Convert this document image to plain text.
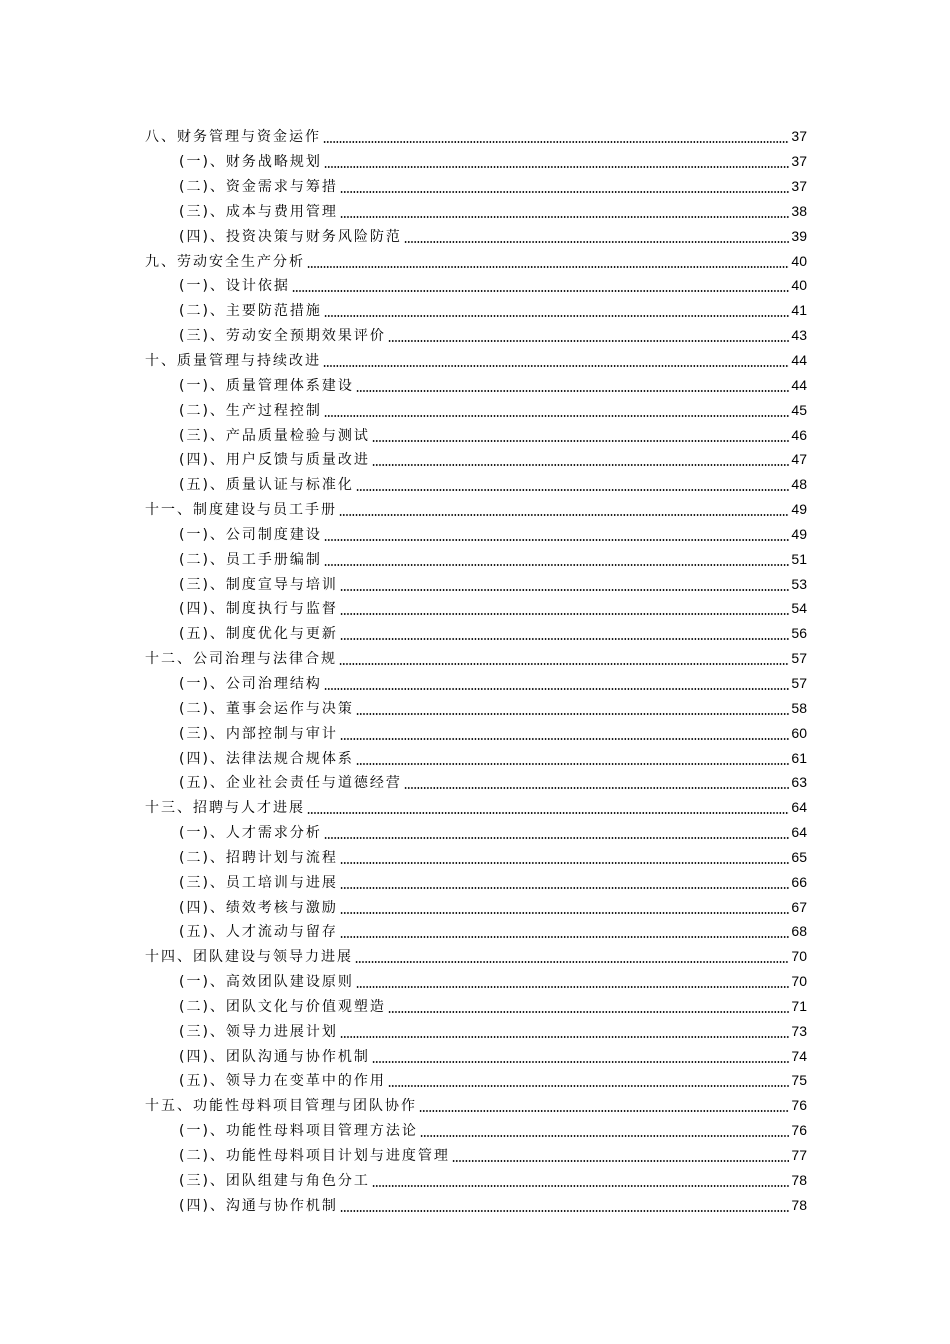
八、财务管理与资金运作	37
(一)、财务战略规划	37
(二)、资金需求与筹措	37
(三)、成本与费用管理	38
(四)、投资决策与财务风险防范	39
九、劳动安全生产分析	40
(一)、设计依据	40
(二)、主要防范措施	41
(三)、劳动安全预期效果评价	43
十、质量管理与持续改进	44
(一)、质量管理体系建设	44
(二)、生产过程控制	45
(三)、产品质量检验与测试	46
(四)、用户反馈与质量改进	47
(五)、质量认证与标准化	48
十一、制度建设与员工手册	49
(一)、公司制度建设	49
(二)、员工手册编制	51
(三)、制度宣导与培训	53
(四)、制度执行与监督	54
(五)、制度优化与更新	56
十二、公司治理与法律合规	57
(一)、公司治理结构	57
(二)、董事会运作与决策	58
(三)、内部控制与审计	60
(四)、法律法规合规体系	61
(五)、企业社会责任与道德经营	63
十三、招聘与人才进展	64
(一)、人才需求分析	64
(二)、招聘计划与流程	65
(三)、员工培训与进展	66
(四)、绩效考核与激励	67
(五)、人才流动与留存	68
十四、团队建设与领导力进展	70
(一)、高效团队建设原则	70
(二)、团队文化与价值观塑造	71
(三)、领导力进展计划	73
(四)、团队沟通与协作机制	74
(五)、领导力在变革中的作用	75
十五、功能性母料项目管理与团队协作	76
(一)、功能性母料项目管理方法论	76
(二)、功能性母料项目计划与进度管理	77
(三)、团队组建与角色分工	78
(四)、沟通与协作机制	78
